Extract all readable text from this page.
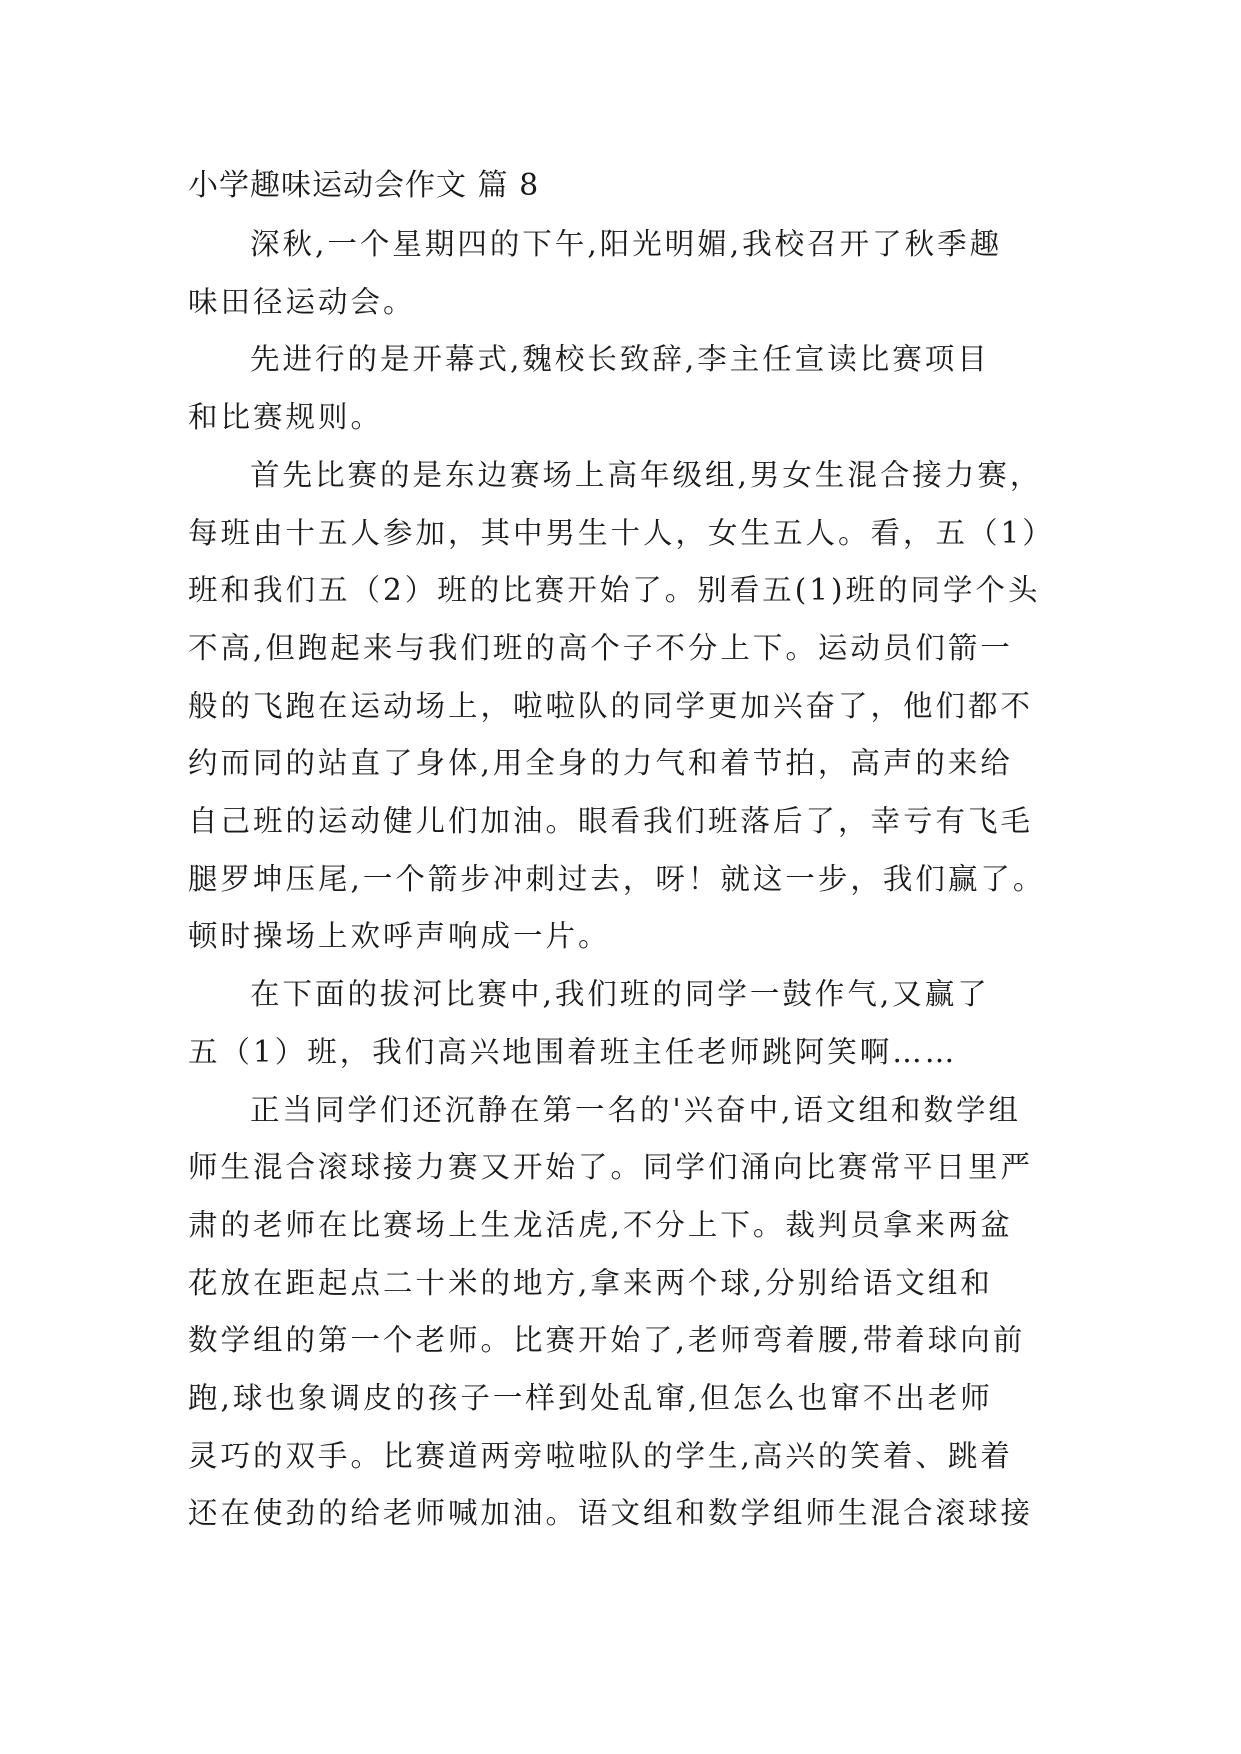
小学趣味运动会作文 篇 8

深秋,一个星期四的下午,阳光明媚,我校召开了秋季趣
味田径运动会。

先进行的是开幕式,魏校长致辞,李主任宣读比赛项目
和比赛规则。

首先比赛的是东边赛场上高年级组,男女生混合接力赛，
每班由十五人参加，其中男生十人，女生五人。看，五（1）
班和我们五（2）班的比赛开始了。别看五(1)班的同学个头
不高,但跑起来与我们班的高个子不分上下。运动员们箭一
般的飞跑在运动场上，啦啦队的同学更加兴奋了，他们都不
约而同的站直了身体,用全身的力气和着节拍，高声的来给
自己班的运动健儿们加油。眼看我们班落后了，幸亏有飞毛
腿罗坤压尾,一个箭步冲刺过去，呀！就这一步，我们赢了。
顿时操场上欢呼声响成一片。

在下面的拔河比赛中,我们班的同学一鼓作气,又赢了
五（1）班，我们高兴地围着班主任老师跳阿笑啊……

正当同学们还沉静在第一名的'兴奋中,语文组和数学组
师生混合滚球接力赛又开始了。同学们涌向比赛常平日里严
肃的老师在比赛场上生龙活虎,不分上下。裁判员拿来两盆
花放在距起点二十米的地方,拿来两个球,分别给语文组和
数学组的第一个老师。比赛开始了,老师弯着腰,带着球向前
跑,球也象调皮的孩子一样到处乱窜,但怎么也窜不出老师
灵巧的双手。比赛道两旁啦啦队的学生,高兴的笑着、跳着
还在使劲的给老师喊加油。语文组和数学组师生混合滚球接
